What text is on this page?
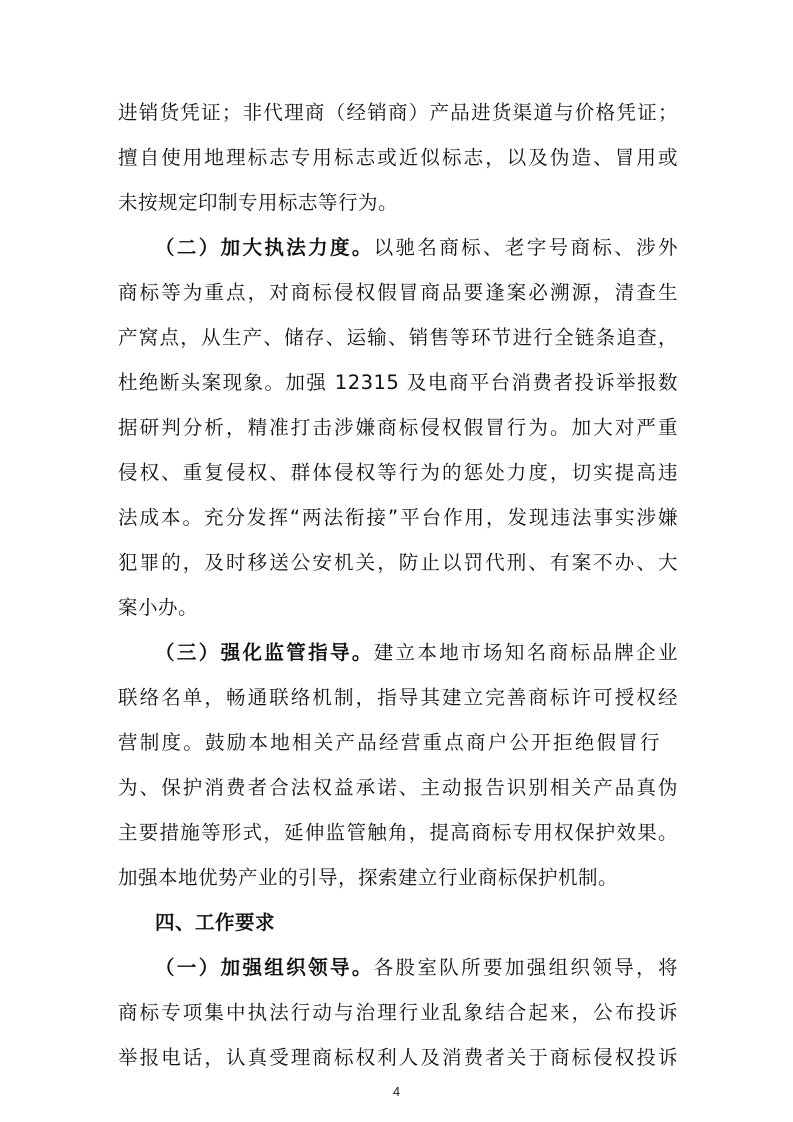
进销货凭证；非代理商（经销商）产品进货渠道与价格凭证；
擅自使用地理标志专用标志或近似标志，以及伪造、冒用或
未按规定印制专用标志等行为。
（二）加大执法力度。以驰名商标、老字号商标、涉外
商标等为重点，对商标侵权假冒商品要逢案必溯源，清查生
产窝点，从生产、储存、运输、销售等环节进行全链条追查，
杜绝断头案现象。加强 12315 及电商平台消费者投诉举报数
据研判分析，精准打击涉嫌商标侵权假冒行为。加大对严重
侵权、重复侵权、群体侵权等行为的惩处力度，切实提高违
法成本。充分发挥“两法衔接”平台作用，发现违法事实涉嫌
犯罪的，及时移送公安机关，防止以罚代刑、有案不办、大
案小办。
（三）强化监管指导。建立本地市场知名商标品牌企业
联络名单，畅通联络机制，指导其建立完善商标许可授权经
营制度。鼓励本地相关产品经营重点商户公开拒绝假冒行
为、保护消费者合法权益承诺、主动报告识别相关产品真伪
主要措施等形式，延伸监管触角，提高商标专用权保护效果。
加强本地优势产业的引导，探索建立行业商标保护机制。
四、工作要求
（一）加强组织领导。各股室队所要加强组织领导，将
商标专项集中执法行动与治理行业乱象结合起来，公布投诉
举报电话，认真受理商标权利人及消费者关于商标侵权投诉
4
